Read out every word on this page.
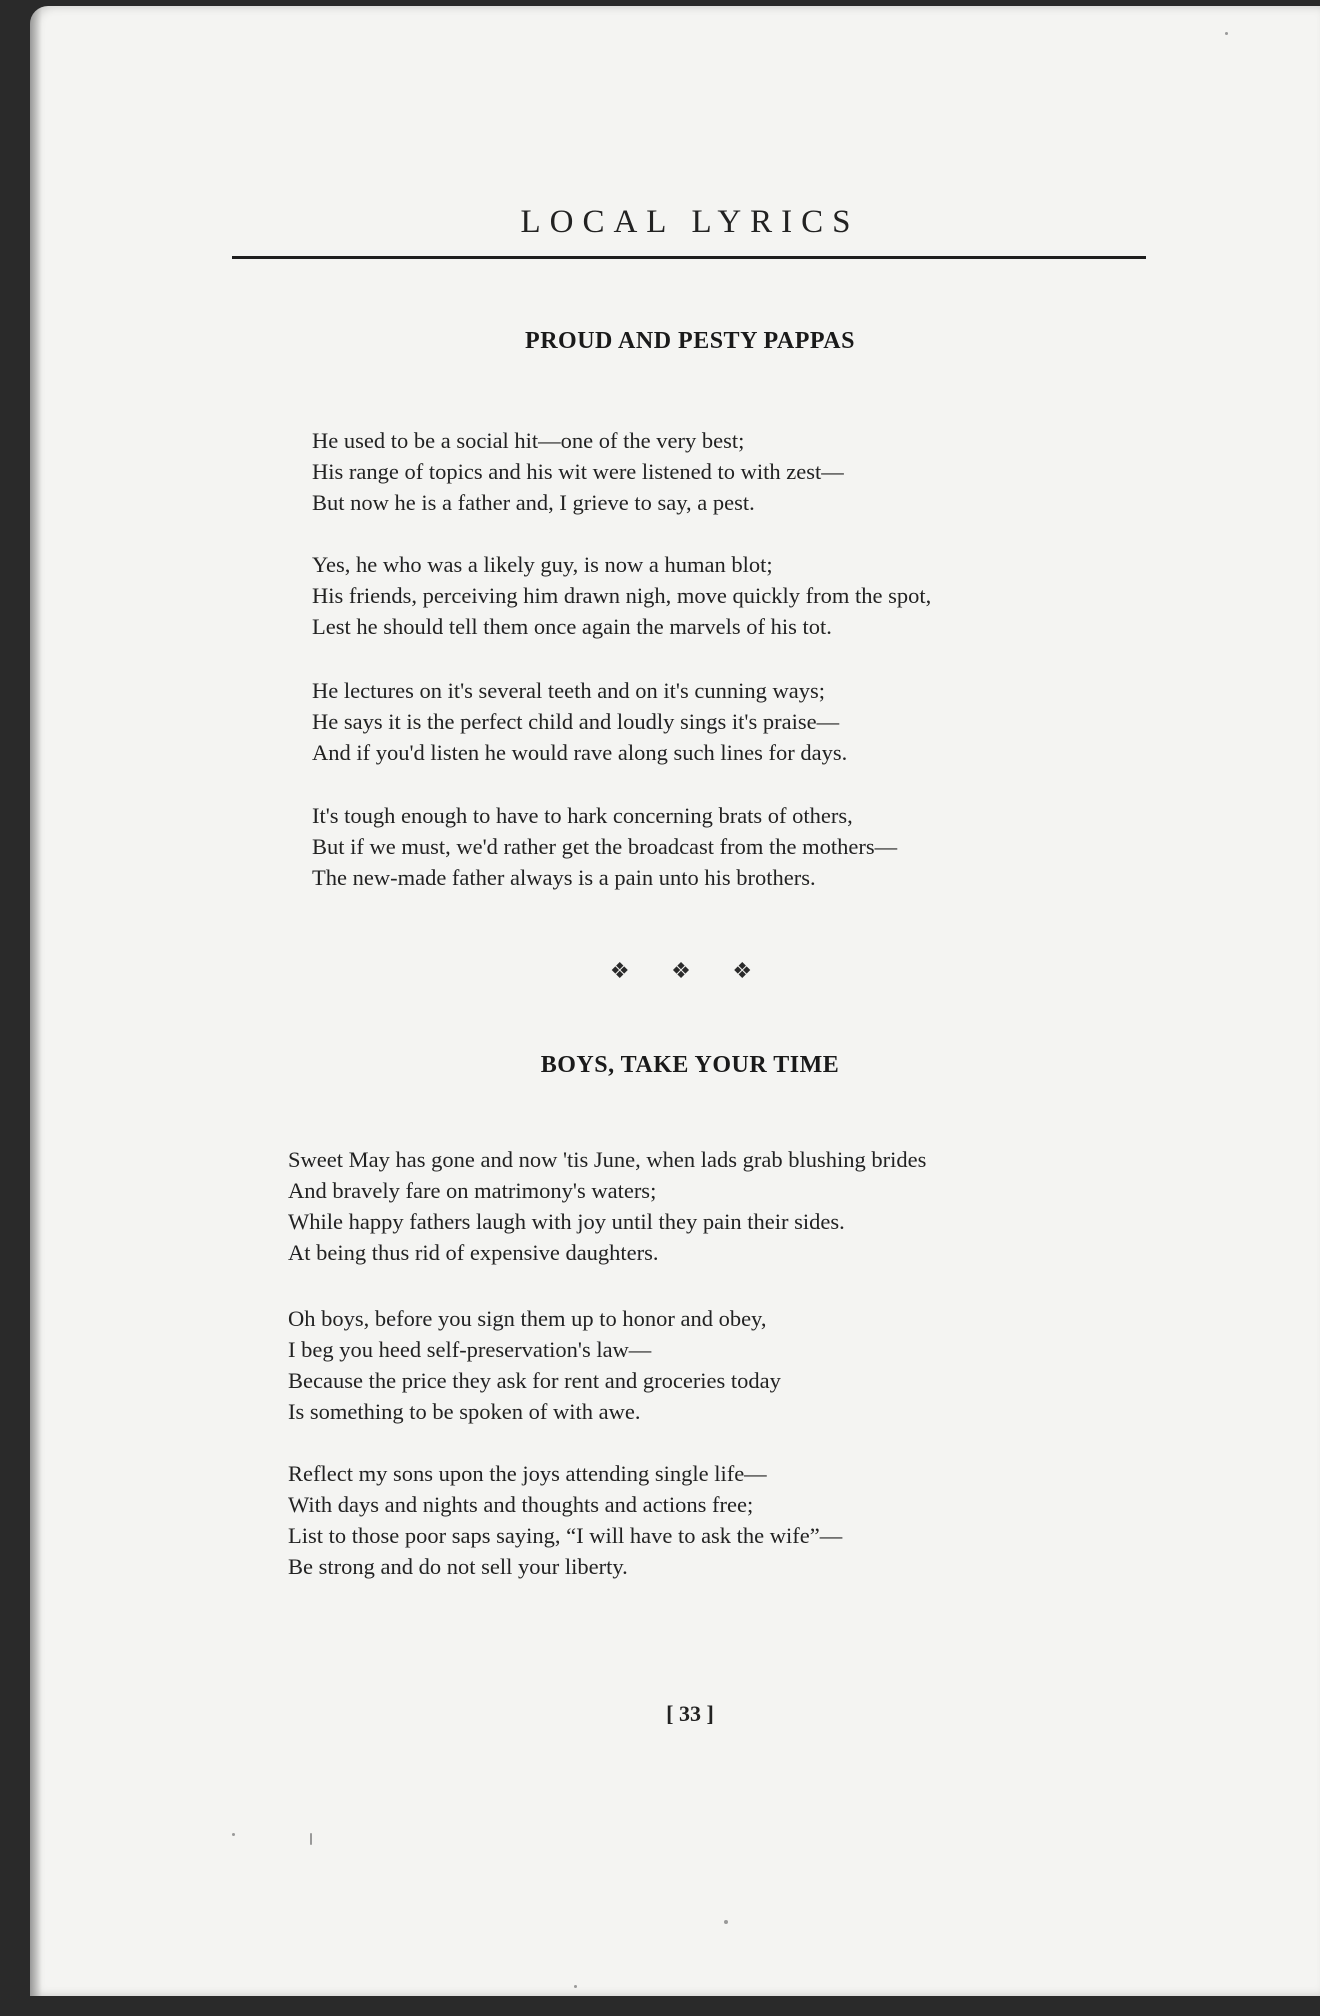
LOCAL LYRICS
PROUD AND PESTY PAPPAS
He used to be a social hit—one of the very best;
His range of topics and his wit were listened to with zest—
But now he is a father and, I grieve to say, a pest.
Yes, he who was a likely guy, is now a human blot;
His friends, perceiving him drawn nigh, move quickly from the spot,
Lest he should tell them once again the marvels of his tot.
He lectures on it's several teeth and on it's cunning ways;
He says it is the perfect child and loudly sings it's praise—
And if you'd listen he would rave along such lines for days.
It's tough enough to have to hark concerning brats of others,
But if we must, we'd rather get the broadcast from the mothers—
The new-made father always is a pain unto his brothers.
❖ ❖ ❖
BOYS, TAKE YOUR TIME
Sweet May has gone and now 'tis June, when lads grab blushing brides
And bravely fare on matrimony's waters;
While happy fathers laugh with joy until they pain their sides.
At being thus rid of expensive daughters.
Oh boys, before you sign them up to honor and obey,
I beg you heed self-preservation's law—
Because the price they ask for rent and groceries today
Is something to be spoken of with awe.
Reflect my sons upon the joys attending single life—
With days and nights and thoughts and actions free;
List to those poor saps saying, “I will have to ask the wife”—
Be strong and do not sell your liberty.
[ 33 ]
